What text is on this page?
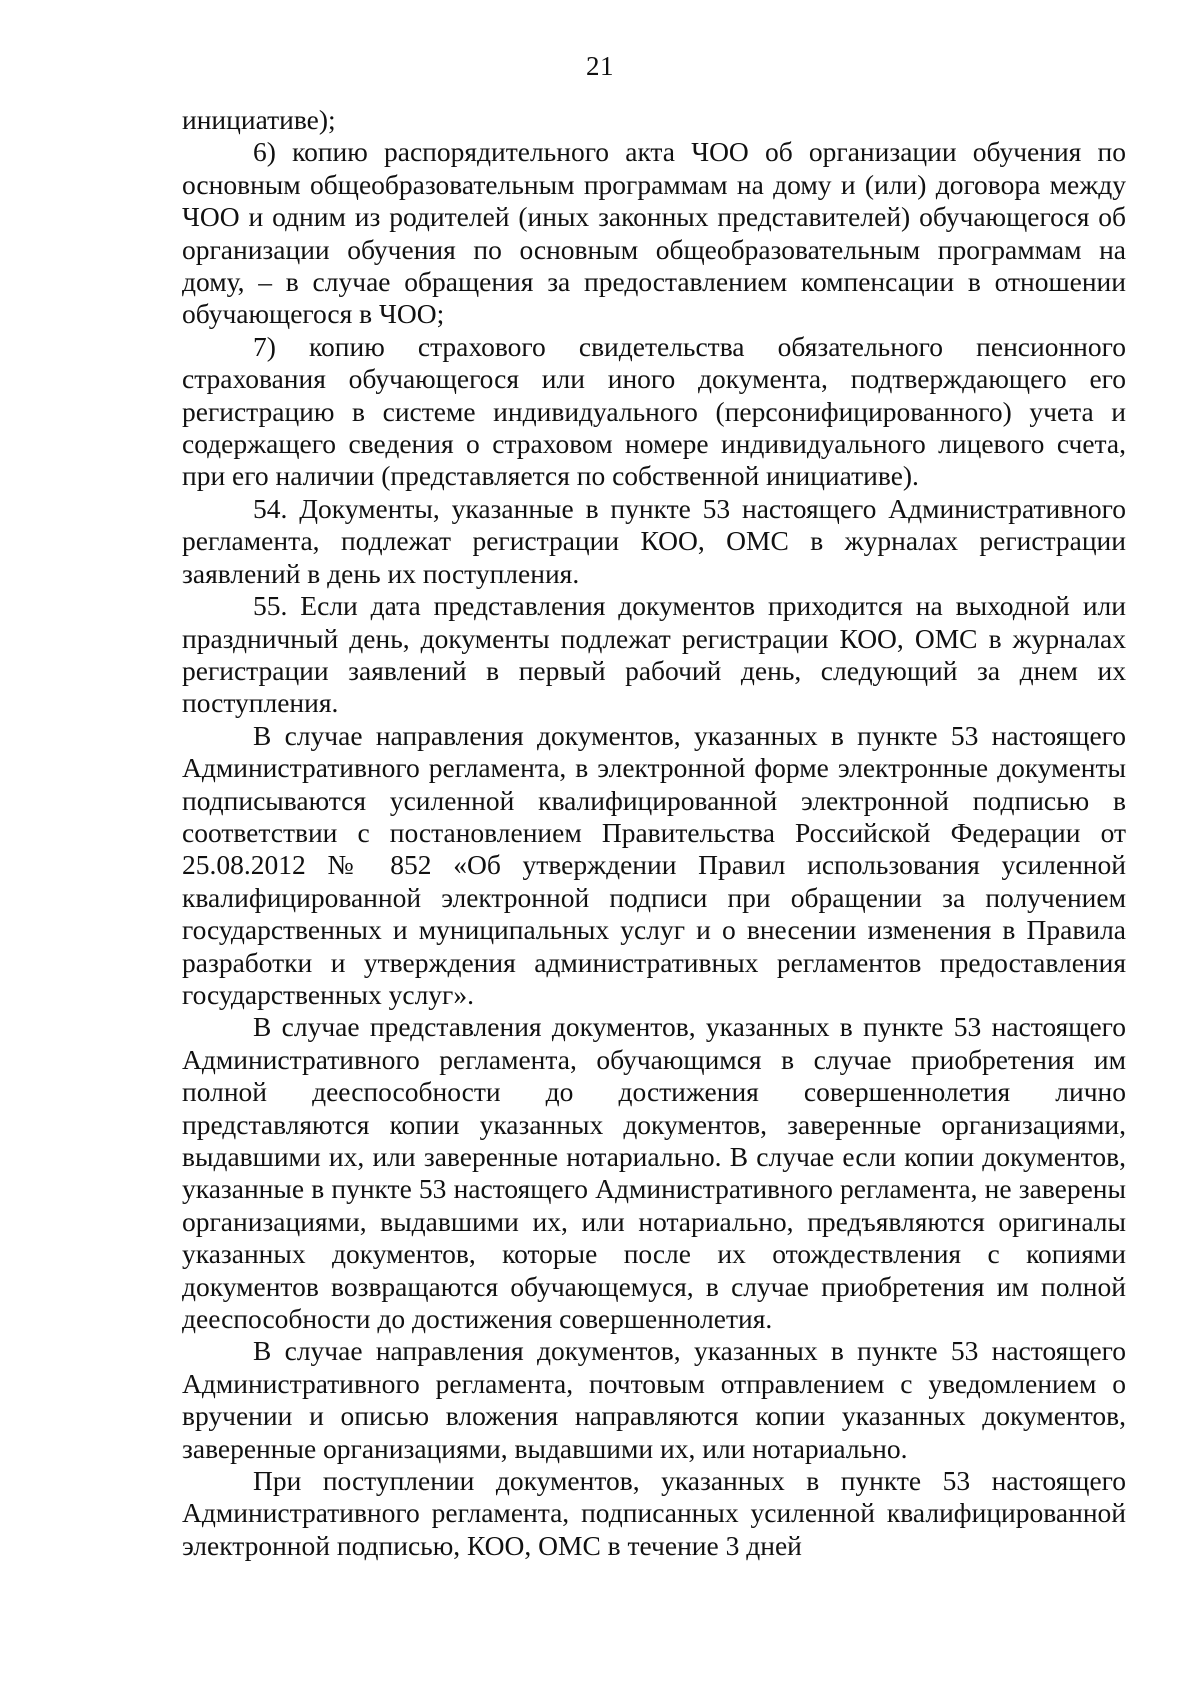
21

инициативе);

6) копию распорядительного акта ЧОО об организации обучения по основным общеобразовательным программам на дому и (или) договора между ЧОО и одним из родителей (иных законных представителей) обучающегося об организации обучения по основным общеобразовательным программам на дому, – в случае обращения за предоставлением компенсации в отношении обучающегося в ЧОО;

7) копию страхового свидетельства обязательного пенсионного страхования обучающегося или иного документа, подтверждающего его регистрацию в системе индивидуального (персонифицированного) учета и содержащего сведения о страховом номере индивидуального лицевого счета, при его наличии (представляется по собственной инициативе).

54. Документы, указанные в пункте 53 настоящего Административного регламента, подлежат регистрации КОО, ОМС в журналах регистрации заявлений в день их поступления.

55. Если дата представления документов приходится на выходной или праздничный день, документы подлежат регистрации КОО, ОМС в журналах регистрации заявлений в первый рабочий день, следующий за днем их поступления.

В случае направления документов, указанных в пункте 53 настоящего Административного регламента, в электронной форме электронные документы подписываются усиленной квалифицированной электронной подписью в соответствии с постановлением Правительства Российской Федерации от 25.08.2012 № 852 «Об утверждении Правил использования усиленной квалифицированной электронной подписи при обращении за получением государственных и муниципальных услуг и о внесении изменения в Правила разработки и утверждения административных регламентов предоставления государственных услуг».

В случае представления документов, указанных в пункте 53 настоящего Административного регламента, обучающимся в случае приобретения им полной дееспособности до достижения совершеннолетия лично представляются копии указанных документов, заверенные организациями, выдавшими их, или заверенные нотариально. В случае если копии документов, указанные в пункте 53 настоящего Административного регламента, не заверены организациями, выдавшими их, или нотариально, предъявляются оригиналы указанных документов, которые после их отождествления с копиями документов возвращаются обучающемуся, в случае приобретения им полной дееспособности до достижения совершеннолетия.

В случае направления документов, указанных в пункте 53 настоящего Административного регламента, почтовым отправлением с уведомлением о вручении и описью вложения направляются копии указанных документов, заверенные организациями, выдавшими их, или нотариально.

При поступлении документов, указанных в пункте 53 настоящего Административного регламента, подписанных усиленной квалифицированной электронной подписью, КОО, ОМС в течение 3 дней
